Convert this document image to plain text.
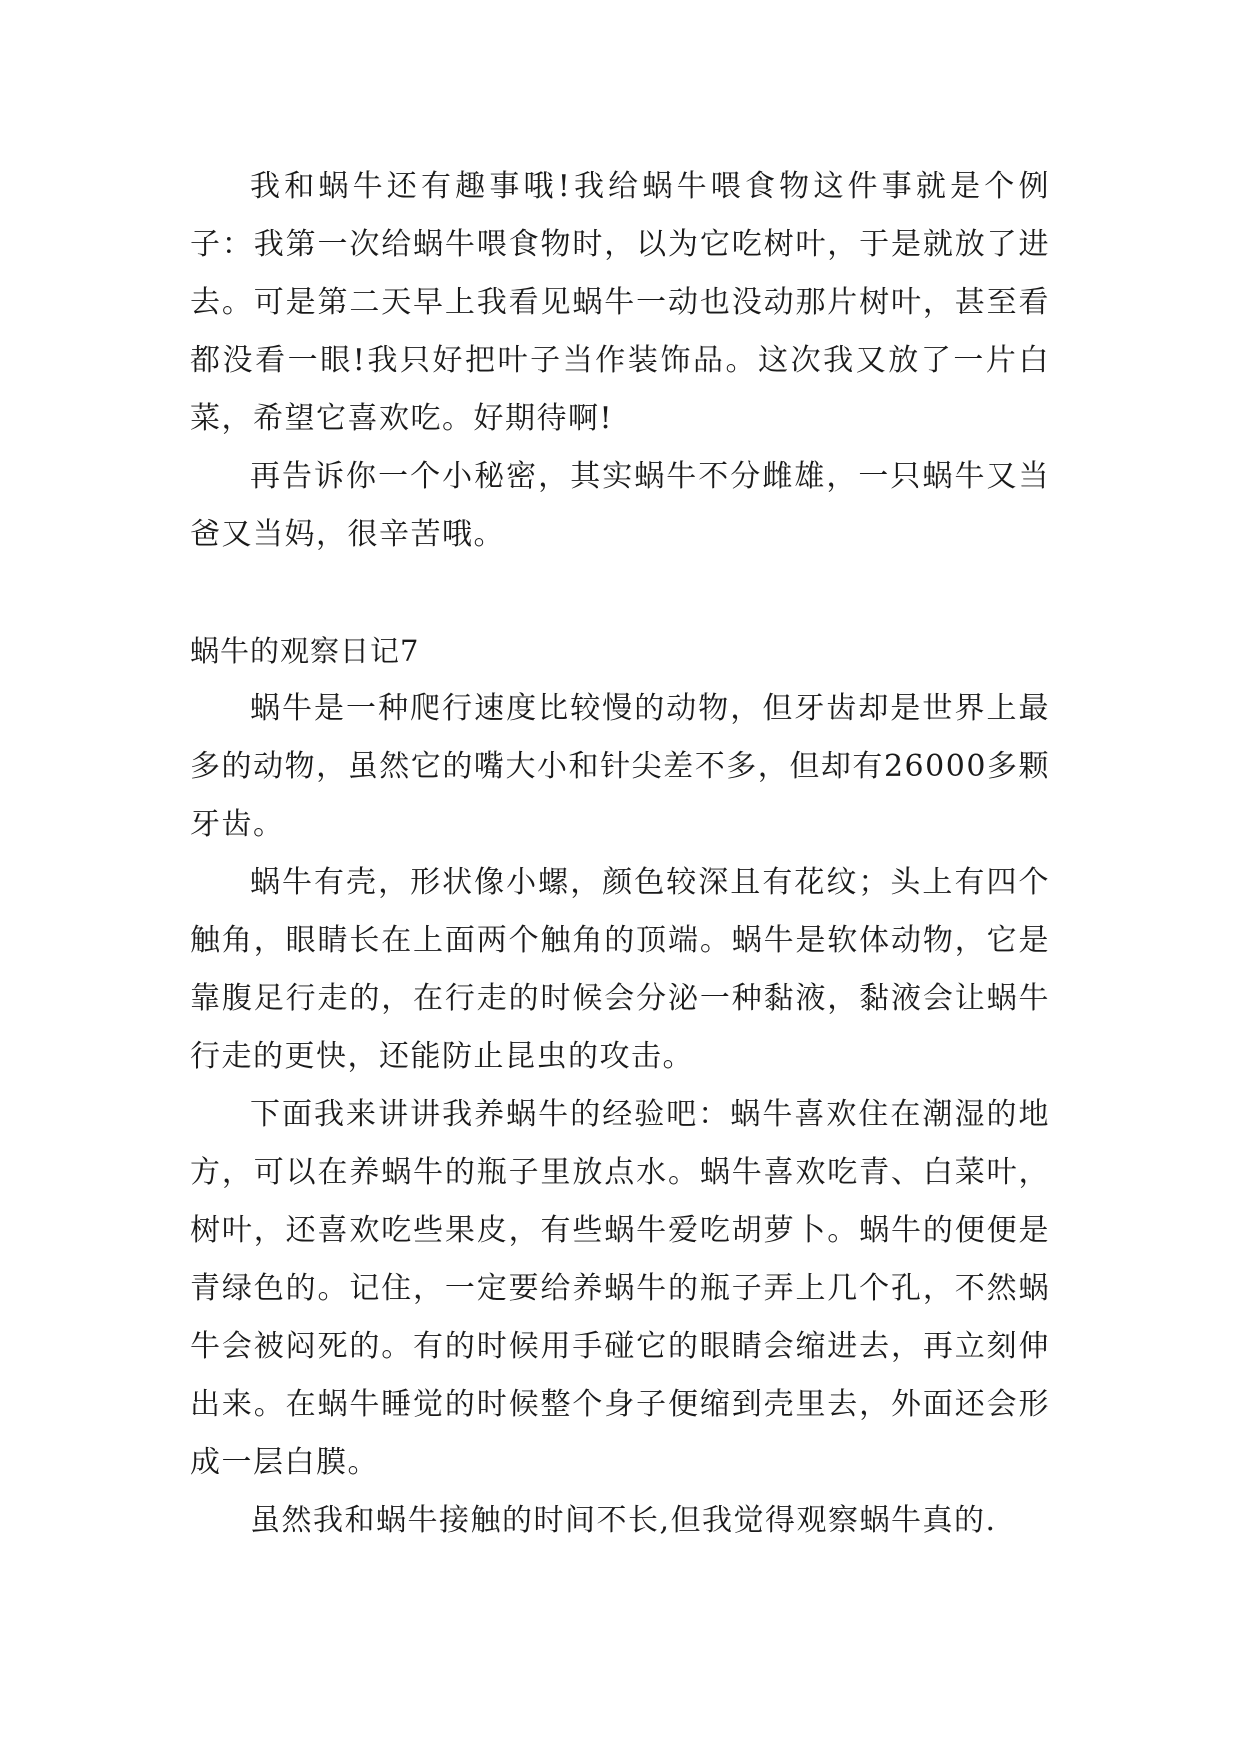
我和蜗牛还有趣事哦!我给蜗牛喂食物这件事就是个例子：我第一次给蜗牛喂食物时，以为它吃树叶，于是就放了进去。可是第二天早上我看见蜗牛一动也没动那片树叶，甚至看都没看一眼!我只好把叶子当作装饰品。这次我又放了一片白菜，希望它喜欢吃。好期待啊!

再告诉你一个小秘密，其实蜗牛不分雌雄，一只蜗牛又当爸又当妈，很辛苦哦。

蜗牛的观察日记7

蜗牛是一种爬行速度比较慢的动物，但牙齿却是世界上最多的动物，虽然它的嘴大小和针尖差不多，但却有26000多颗牙齿。

蜗牛有壳，形状像小螺，颜色较深且有花纹；头上有四个触角，眼睛长在上面两个触角的顶端。蜗牛是软体动物，它是靠腹足行走的，在行走的时候会分泌一种黏液，黏液会让蜗牛行走的更快，还能防止昆虫的攻击。

下面我来讲讲我养蜗牛的经验吧：蜗牛喜欢住在潮湿的地方，可以在养蜗牛的瓶子里放点水。蜗牛喜欢吃青、白菜叶，树叶，还喜欢吃些果皮，有些蜗牛爱吃胡萝卜。蜗牛的便便是青绿色的。记住，一定要给养蜗牛的瓶子弄上几个孔，不然蜗牛会被闷死的。有的时候用手碰它的眼睛会缩进去，再立刻伸出来。在蜗牛睡觉的时候整个身子便缩到壳里去，外面还会形成一层白膜。

虽然我和蜗牛接触的时间不长,但我觉得观察蜗牛真的.
